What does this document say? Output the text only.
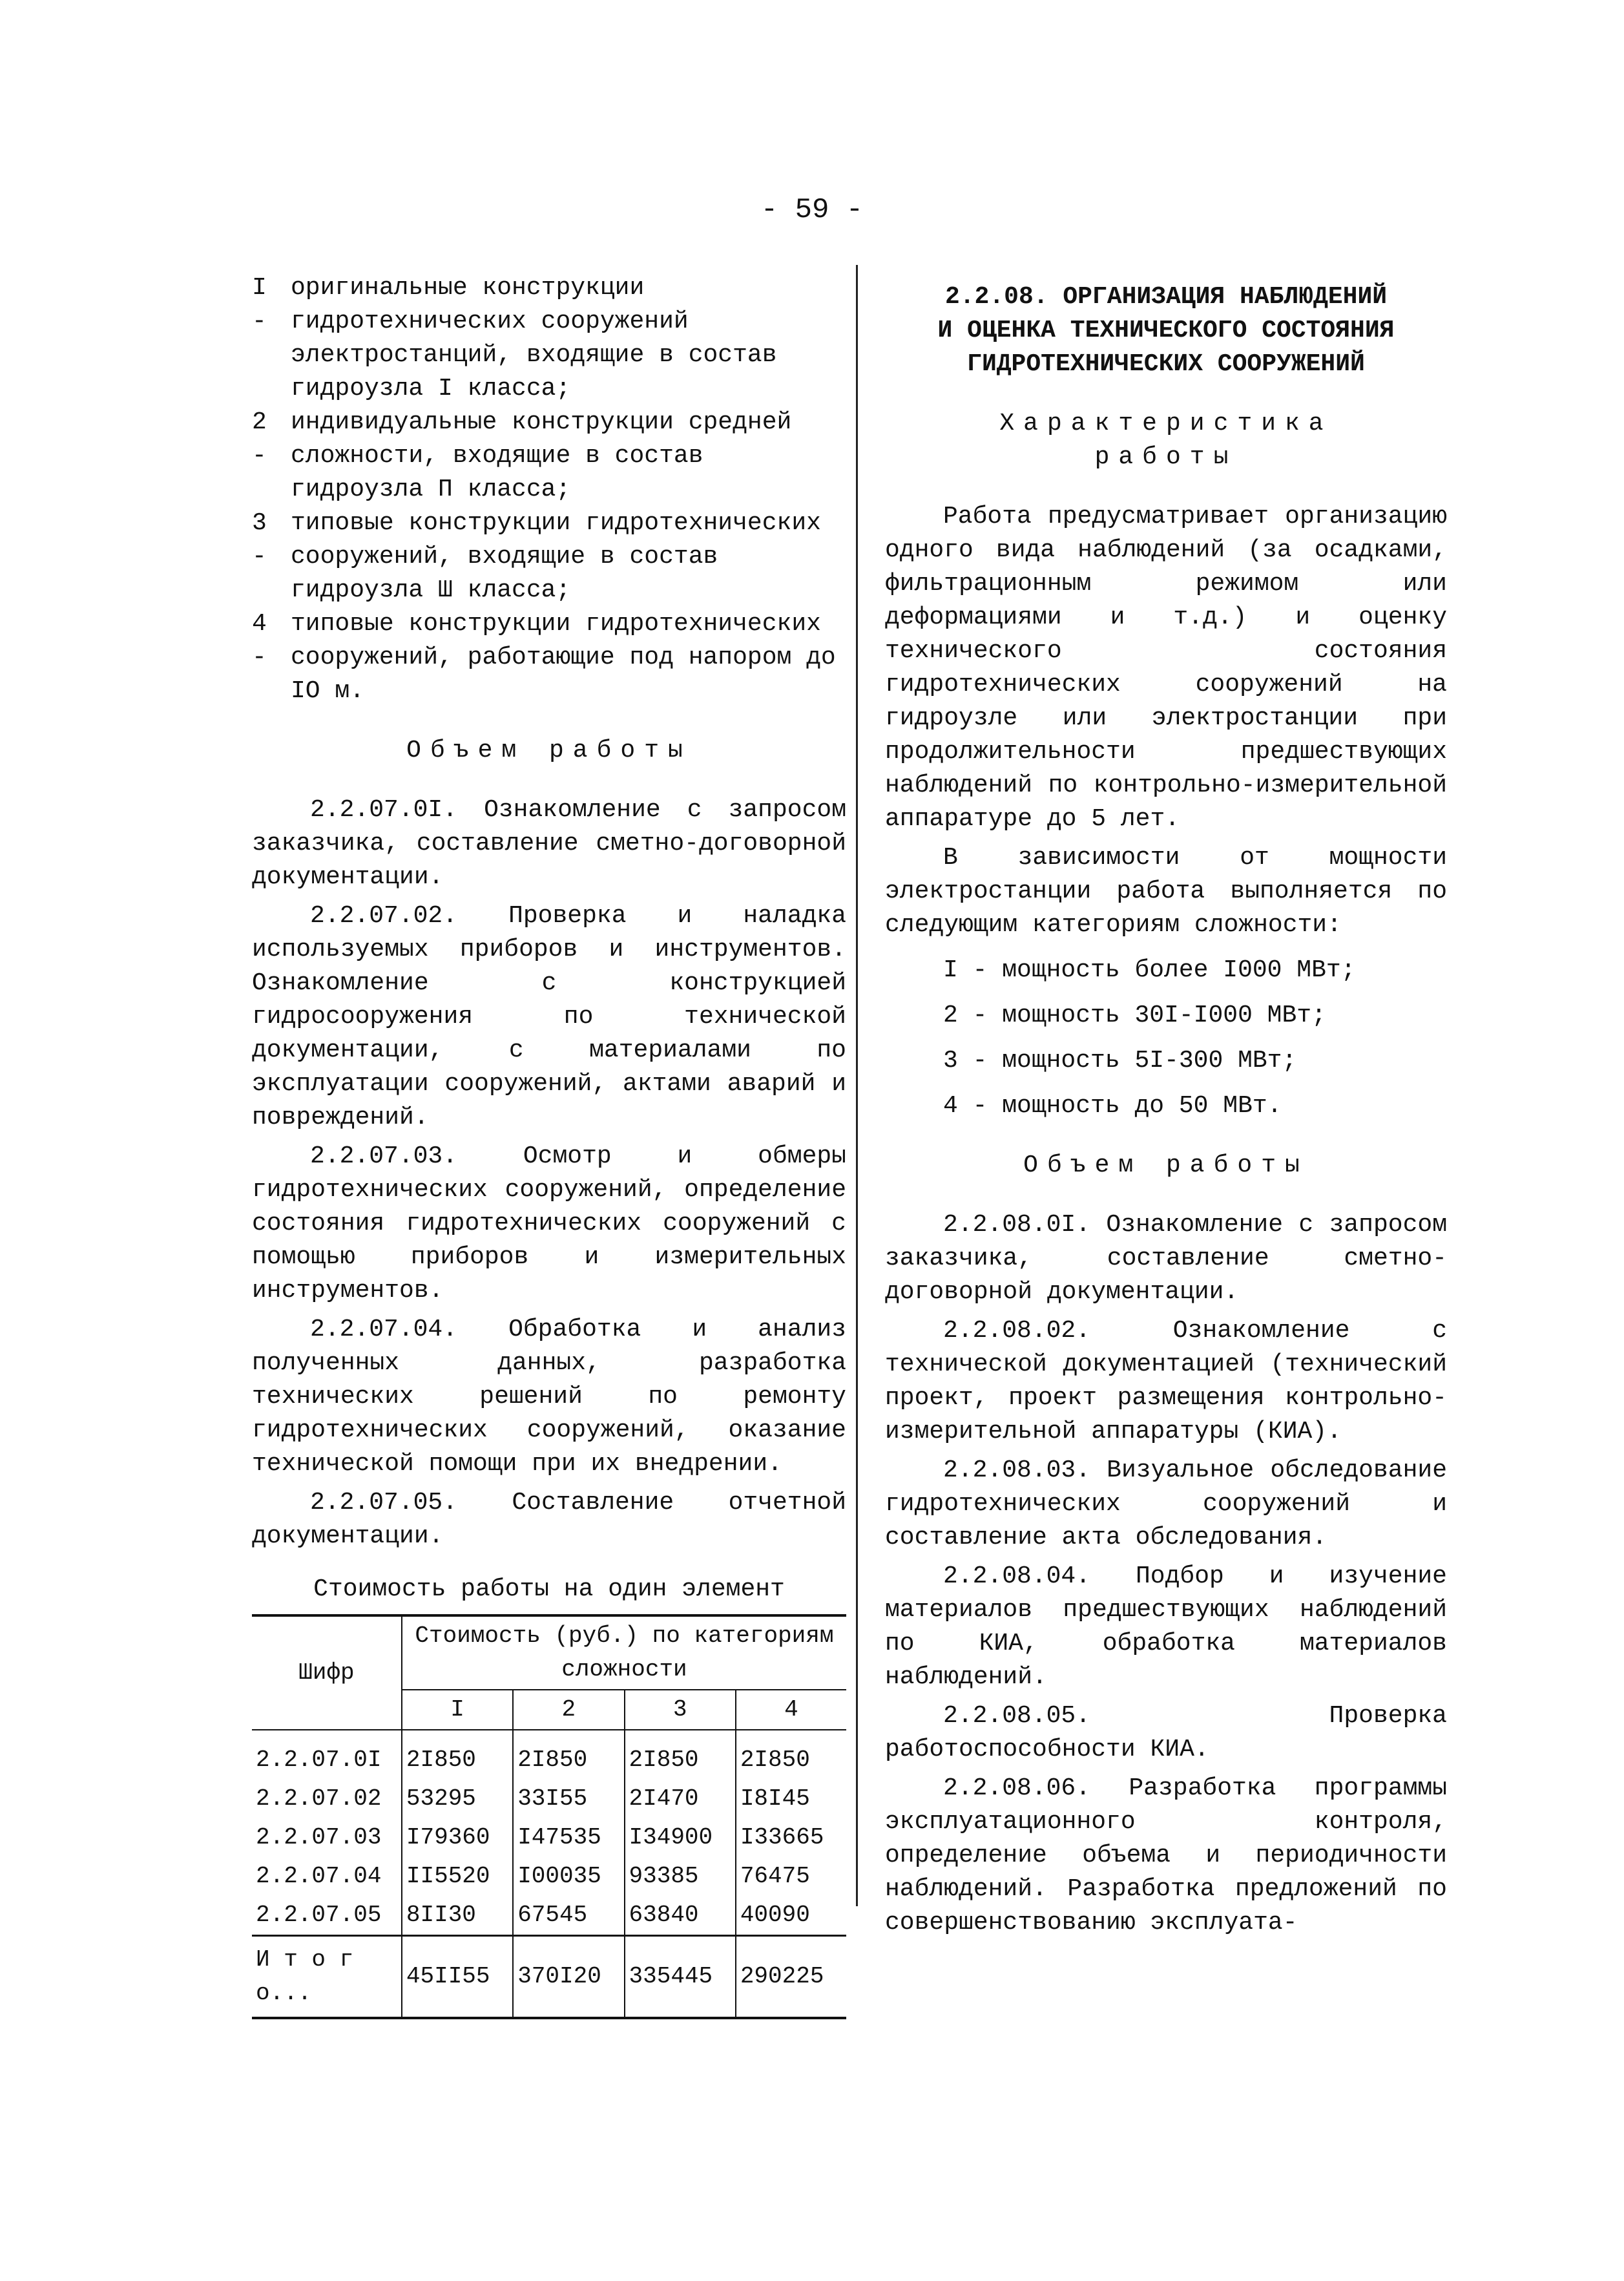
- 59 -
I -
оригинальные конструкции гидротехнических сооружений электростанций, входящие в состав гидроузла I класса;
2 -
индивидуальные конструкции средней сложности, входящие в состав гидроузла П класса;
3 -
типовые конструкции гидротехнических сооружений, входящие в состав гидроузла Ш класса;
4 -
типовые конструкции гидротехнических сооружений, работающие под напором до IO м.
Объем работы

2.2.07.0I. Ознакомление с запросом заказчика, составление сметно-договорной документации.

2.2.07.02. Проверка и наладка используемых приборов и инструментов. Ознакомление с конструкцией гидросооружения по технической документации, с материалами по эксплуатации сооружений, актами аварий и повреждений.

2.2.07.03. Осмотр и обмеры гидротехнических сооружений, определение состояния гидротехнических сооружений с помощью приборов и измерительных инструментов.

2.2.07.04. Обработка и анализ полученных данных, разработка технических решений по ремонту гидротехнических сооружений, оказание технической помощи при их внедрении.

2.2.07.05. Составление отчетной документации.

Стоимость работы на один элемент
Шифр	Стоимость (руб.) по категориям сложности			
	I	2	3	4
2.2.07.0I	2I850	2I850	2I850	2I850
2.2.07.02	53295	33I55	2I470	I8I45
2.2.07.03	I79360	I47535	I34900	I33665
2.2.07.04	II5520	I00035	93385	76475
2.2.07.05	8II30	67545	63840	40090
И т о г о...	45II55	370I20	335445	290225
2.2.08. ОРГАНИЗАЦИЯ НАБЛЮДЕНИЙ
И ОЦЕНКА ТЕХНИЧЕСКОГО СОСТОЯНИЯ
ГИДРОТЕХНИЧЕСКИХ СООРУЖЕНИЙ
Характеристика
работы

Работа предусматривает организацию одного вида наблюдений (за осадками, фильтрационным режимом или деформациями и т.д.) и оценку технического состояния гидротехнических сооружений на гидроузле или электростанции при продолжительности предшествующих наблюдений по контрольно-измерительной аппаратуре до 5 лет.

В зависимости от мощности электростанции работа выполняется по следующим категориям сложности:

I - мощность более I000 МВт;
2 - мощность 30I-I000 МВт;
3 - мощность 5I-300 МВт;
4 - мощность до 50 МВт.
Объем работы

2.2.08.0I. Ознакомление с запросом заказчика, составление сметно-договорной документации.

2.2.08.02. Ознакомление с технической документацией (технический проект, проект размещения контрольно-измерительной аппаратуры (КИА).

2.2.08.03. Визуальное обследование гидротехнических сооружений и составление акта обследования.

2.2.08.04. Подбор и изучение материалов предшествующих наблюдений по КИА, обработка материалов наблюдений.

2.2.08.05. Проверка работоспособности КИА.

2.2.08.06. Разработка программы эксплуатационного контроля, определение объема и периодичности наблюдений. Разработка предложений по совершенствованию эксплуата-
